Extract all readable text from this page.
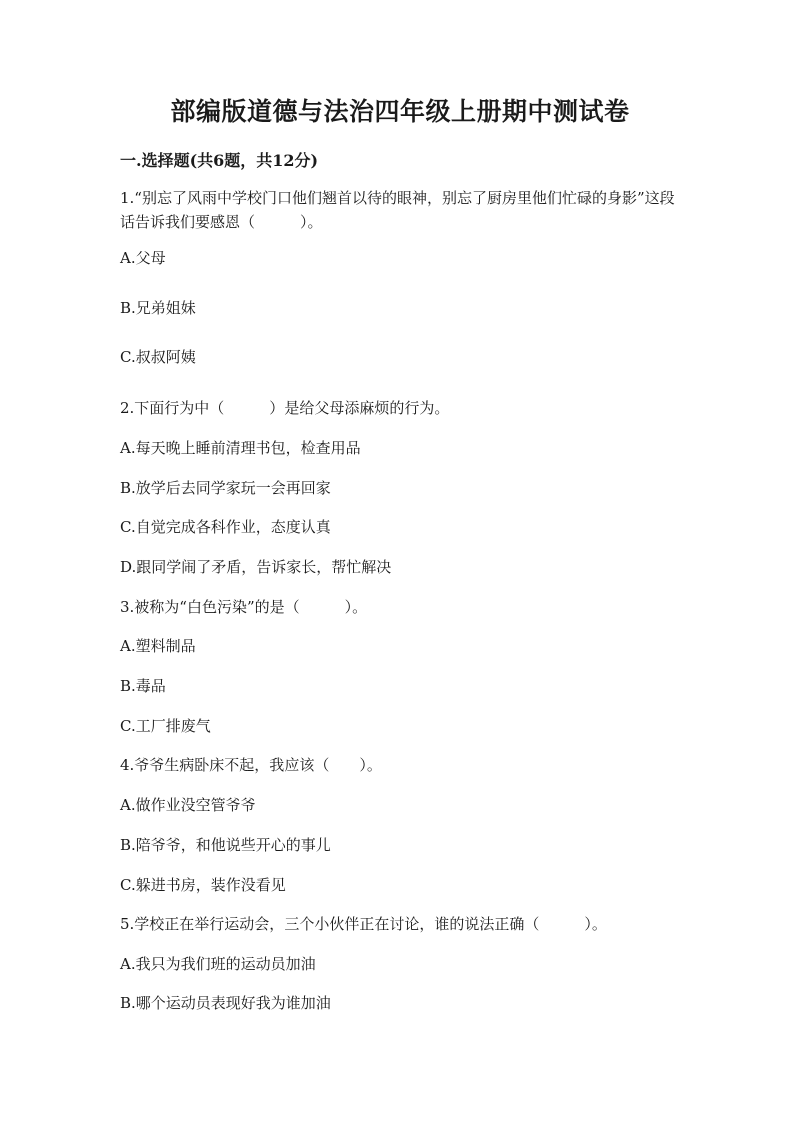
部编版道德与法治四年级上册期中测试卷
一.选择题(共6题，共12分)

1.“别忘了风雨中学校门口他们翘首以待的眼神，别忘了厨房里他们忙碌的身影”这段话告诉我们要感恩（　　　）。

A.父母

B.兄弟姐妹

C.叔叔阿姨

2.下面行为中（　　　）是给父母添麻烦的行为。

A.每天晚上睡前清理书包，检查用品

B.放学后去同学家玩一会再回家

C.自觉完成各科作业，态度认真

D.跟同学闹了矛盾，告诉家长，帮忙解决

3.被称为“白色污染”的是（　　　）。

A.塑料制品

B.毒品

C.工厂排废气

4.爷爷生病卧床不起，我应该（　　）。

A.做作业没空管爷爷

B.陪爷爷，和他说些开心的事儿

C.躲进书房，装作没看见

5.学校正在举行运动会，三个小伙伴正在讨论，谁的说法正确（　　　）。

A.我只为我们班的运动员加油

B.哪个运动员表现好我为谁加油
